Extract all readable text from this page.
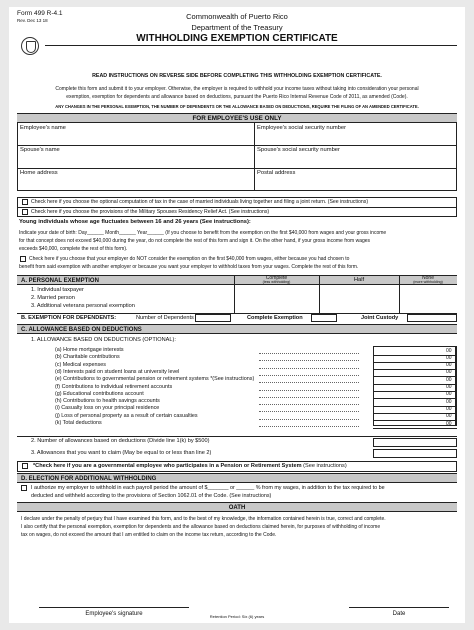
Form 499 R-4.1
Rev. Dec 13 18	Commonwealth of Puerto Rico
Department of the Treasury
WITHHOLDING EXEMPTION CERTIFICATE
READ INSTRUCTIONS ON REVERSE SIDE BEFORE COMPLETING THIS WITHHOLDING EXEMPTION CERTIFICATE.
Complete this form and submit it to your employer. Otherwise, the employer is required to withhold your income taxes without taking into consideration your personal
exemption, exemption for dependents and allowance based on deductions, pursuant the Puerto Rico Internal Revenue Code of 2011, as amended (Code).
ANY CHANGES IN THE PERSONAL EXEMPTION, THE NUMBER OF DEPENDENTS OR THE ALLOWANCE BASED ON DEDUCTIONS, REQUIRE THE FILING OF AN AMENDED CERTIFICATE.
FOR EMPLOYEE'S USE ONLY
Employee's name	Employee's social security number
Spouse's name	Spouse's social security number
Home address	Postal address
Check here if you choose the optional computation of tax in the case of married individuals living together and filing a joint return. (See instructions)
Check here if you choose the provisions of the Military Spouses Residency Relief Act. (See instructions)
Young individuals whose age fluctuates between 16 and 26 years (See instructions):
Indicate your date of birth: Day______ Month______ Year______ (If you choose to benefit from the exemption on the first $40,000 from wages and your gross income
for that concept does not exceed $40,000 during the year, do not complete the rest of this form and sign it. On the other hand, if your gross income from wages
exceeds $40,000, complete the rest of this form).
Check here if you choose that your employer do NOT consider the exemption on the first $40,000 from wages, either because you had chosen to
benefit from said exemption with another employer or because you want your employer to withhold taxes from your wages. Complete the rest of this form.
A. PERSONAL EXEMPTION
Complete
(less withholding)	Half	None
(more withholding)
1. Individual taxpayer
2. Married person
3. Additional veterans personal exemption
B. EXEMPTION FOR DEPENDENTS:	Number of Dependents	Complete Exemption	Joint Custody
C. ALLOWANCE BASED ON DEDUCTIONS
1. ALLOWANCE BASED ON DEDUCTIONS (OPTIONAL):
2. Number of allowances based on deductions (Divide line 1(k) by $500)
3. Allowances that you want to claim (May be equal to or less than line 2)
*Check here if you are a governmental employee who participates in a Pension or Retirement System (See instructions)
D. ELECTION FOR ADDITIONAL WITHHOLDING
I authorize my employer to withhold in each payroll period the amount of $_______ or ______ % from my wages, in addition to the tax required to be
deducted and withheld according to the provisions of Section 1062.01 of the Code. (See instructions)
OATH
I declare under the penalty of perjury that I have examined this form, and to the best of my knowledge, the information contained herein is true, correct and complete.
I also certify that the personal exemption, exemption for dependents and the allowance based on deductions claimed herein, for purposes of withholding of income
tax on wages, do not exceed the amount that I am entitled to claim on the income tax return, according to the Code.
Employee's signature	Date
Retention Period: Six (6) years
(a) Home mortgage interests	00
(b) Charitable contributions	00
(c) Medical expenses	00
(d) Interests paid on student loans at university level	00
(e) Contributions to governmental pension or retirement systems *(See instructions)	00
(f) Contributions to individual retirement accounts	00
(g) Educational contributions account	00
(h) Contributions to health savings accounts	00
(i) Casualty loss on your principal residence	00
(j) Loss of personal property as a result of certain casualties	00
(k) Total deductions	00
